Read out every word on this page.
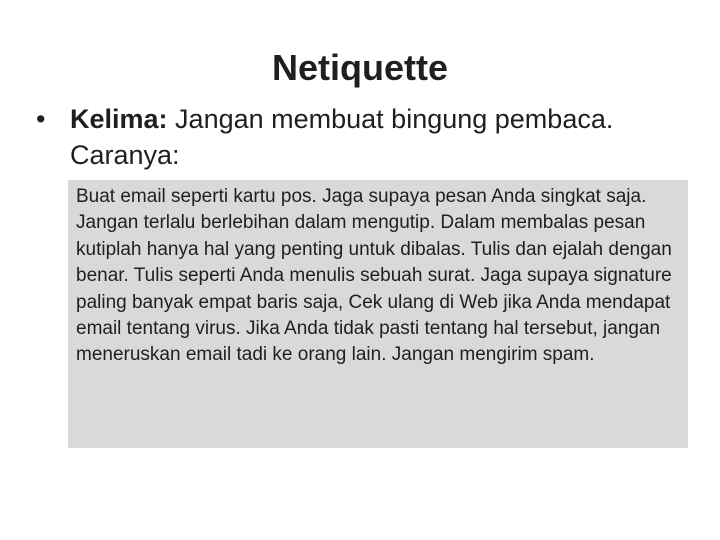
Netiquette
• Kelima: Jangan membuat bingung pembaca. Caranya:
Buat email seperti kartu pos. Jaga supaya pesan Anda singkat saja. Jangan terlalu berlebihan dalam mengutip. Dalam membalas pesan kutiplah hanya hal yang penting untuk dibalas. Tulis dan ejalah dengan benar. Tulis seperti Anda menulis sebuah surat. Jaga supaya signature paling banyak empat baris saja, Cek ulang di Web jika Anda mendapat email tentang virus. Jika Anda tidak pasti tentang hal tersebut, jangan meneruskan email tadi ke orang lain. Jangan mengirim spam.
